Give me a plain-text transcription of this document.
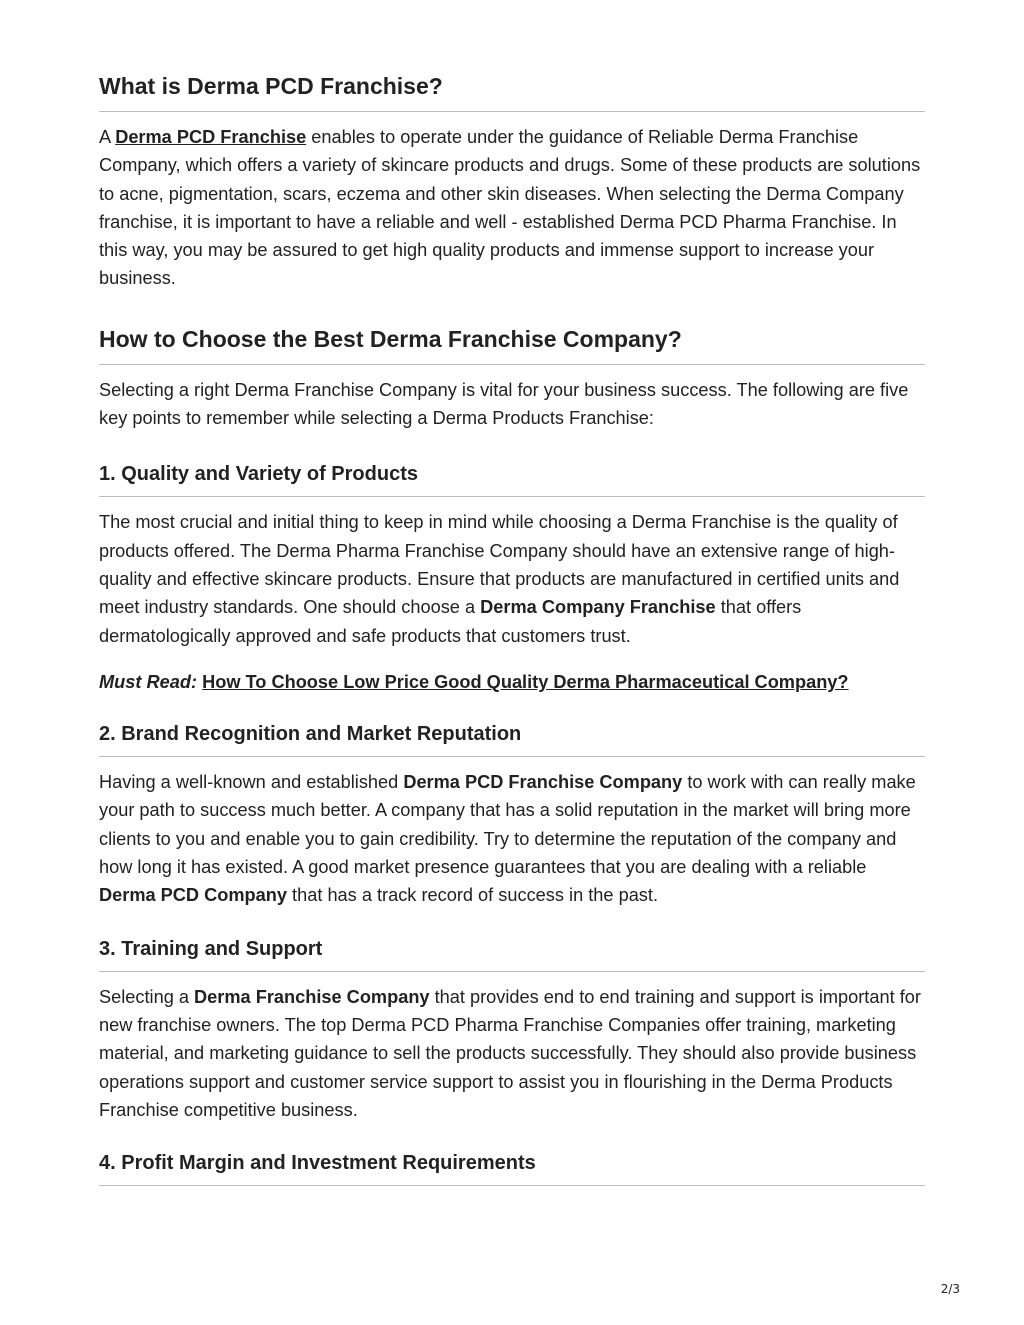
What is Derma PCD Franchise?

A Derma PCD Franchise enables to operate under the guidance of Reliable Derma Franchise Company, which offers a variety of skincare products and drugs. Some of these products are solutions to acne, pigmentation, scars, eczema and other skin diseases. When selecting the Derma Company franchise, it is important to have a reliable and well - established Derma PCD Pharma Franchise. In this way, you may be assured to get high quality products and immense support to increase your business.

How to Choose the Best Derma Franchise Company?

Selecting a right Derma Franchise Company is vital for your business success. The following are five key points to remember while selecting a Derma Products Franchise:

1. Quality and Variety of Products

The most crucial and initial thing to keep in mind while choosing a Derma Franchise is the quality of products offered. The Derma Pharma Franchise Company should have an extensive range of high-quality and effective skincare products. Ensure that products are manufactured in certified units and meet industry standards. One should choose a Derma Company Franchise that offers dermatologically approved and safe products that customers trust.

Must Read: How To Choose Low Price Good Quality Derma Pharmaceutical Company?

2. Brand Recognition and Market Reputation

Having a well-known and established Derma PCD Franchise Company to work with can really make your path to success much better. A company that has a solid reputation in the market will bring more clients to you and enable you to gain credibility. Try to determine the reputation of the company and how long it has existed. A good market presence guarantees that you are dealing with a reliable Derma PCD Company that has a track record of success in the past.

3. Training and Support

Selecting a Derma Franchise Company that provides end to end training and support is important for new franchise owners. The top Derma PCD Pharma Franchise Companies offer training, marketing material, and marketing guidance to sell the products successfully. They should also provide business operations support and customer service support to assist you in flourishing in the Derma Products Franchise competitive business.

4. Profit Margin and Investment Requirements
2/3
